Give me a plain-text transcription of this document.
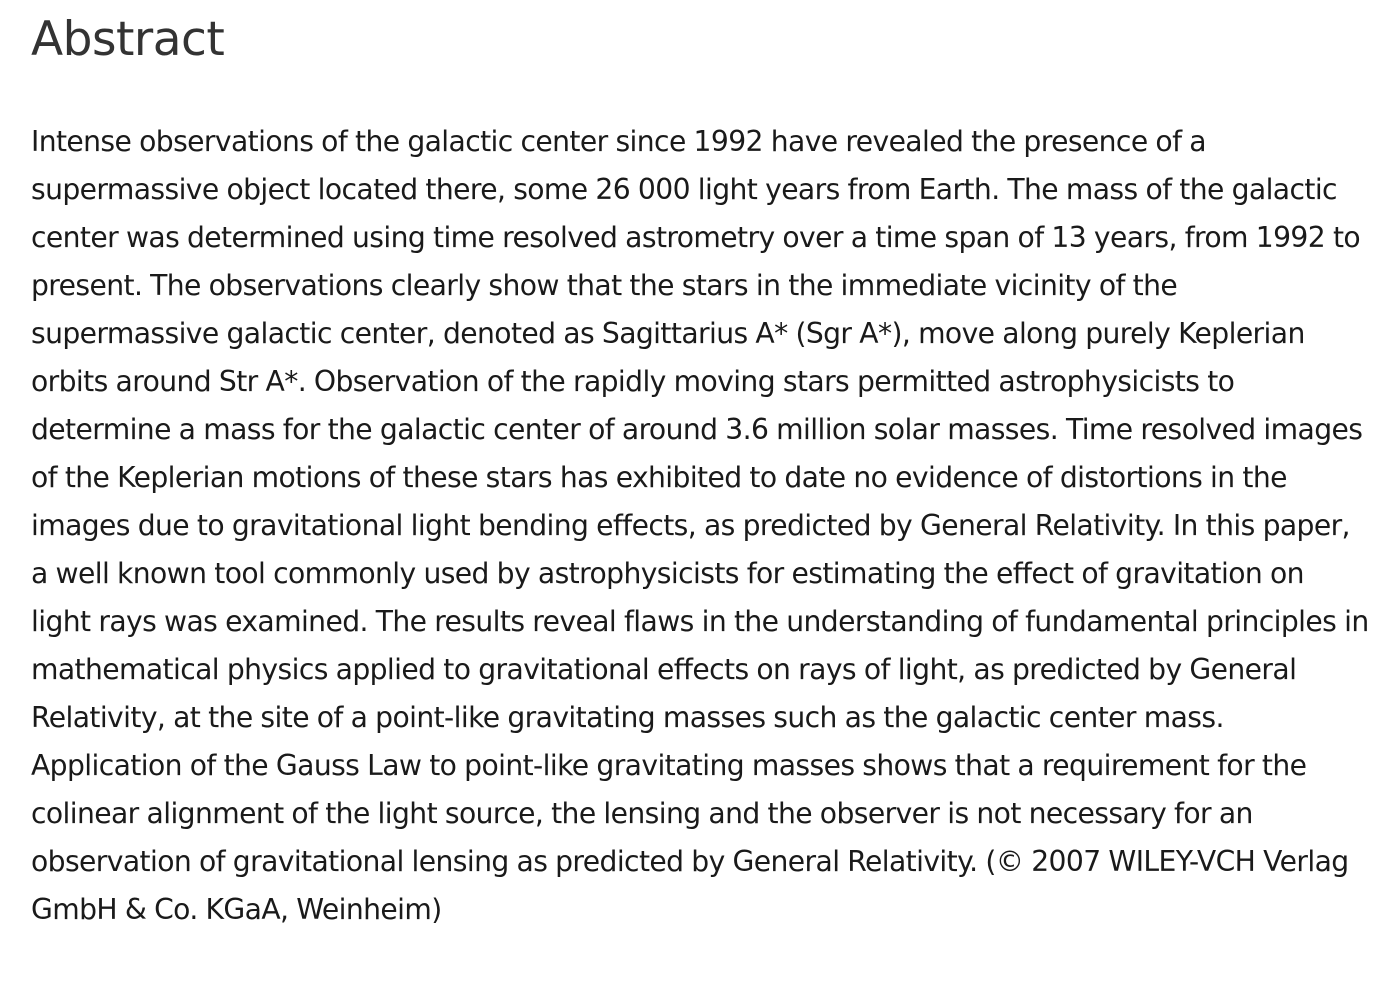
Abstract

Intense observations of the galactic center since 1992 have revealed the presence of a supermassive object located there, some 26 000 light years from Earth. The mass of the galactic center was determined using time resolved astrometry over a time span of 13 years, from 1992 to present. The observations clearly show that the stars in the immediate vicinity of the supermassive galactic center, denoted as Sagittarius A* (Sgr A*), move along purely Keplerian orbits around Str A*. Observation of the rapidly moving stars permitted astrophysicists to determine a mass for the galactic center of around 3.6 million solar masses. Time resolved images of the Keplerian motions of these stars has exhibited to date no evidence of distortions in the images due to gravitational light bending effects, as predicted by General Relativity. In this paper, a well known tool commonly used by astrophysicists for estimating the effect of gravitation on light rays was examined. The results reveal flaws in the understanding of fundamental principles in mathematical physics applied to gravitational effects on rays of light, as predicted by General Relativity, at the site of a point-like gravitating masses such as the galactic center mass. Application of the Gauss Law to point-like gravitating masses shows that a requirement for the colinear alignment of the light source, the lensing and the observer is not necessary for an observation of gravitational lensing as predicted by General Relativity. (© 2007 WILEY-VCH Verlag GmbH & Co. KGaA, Weinheim)
